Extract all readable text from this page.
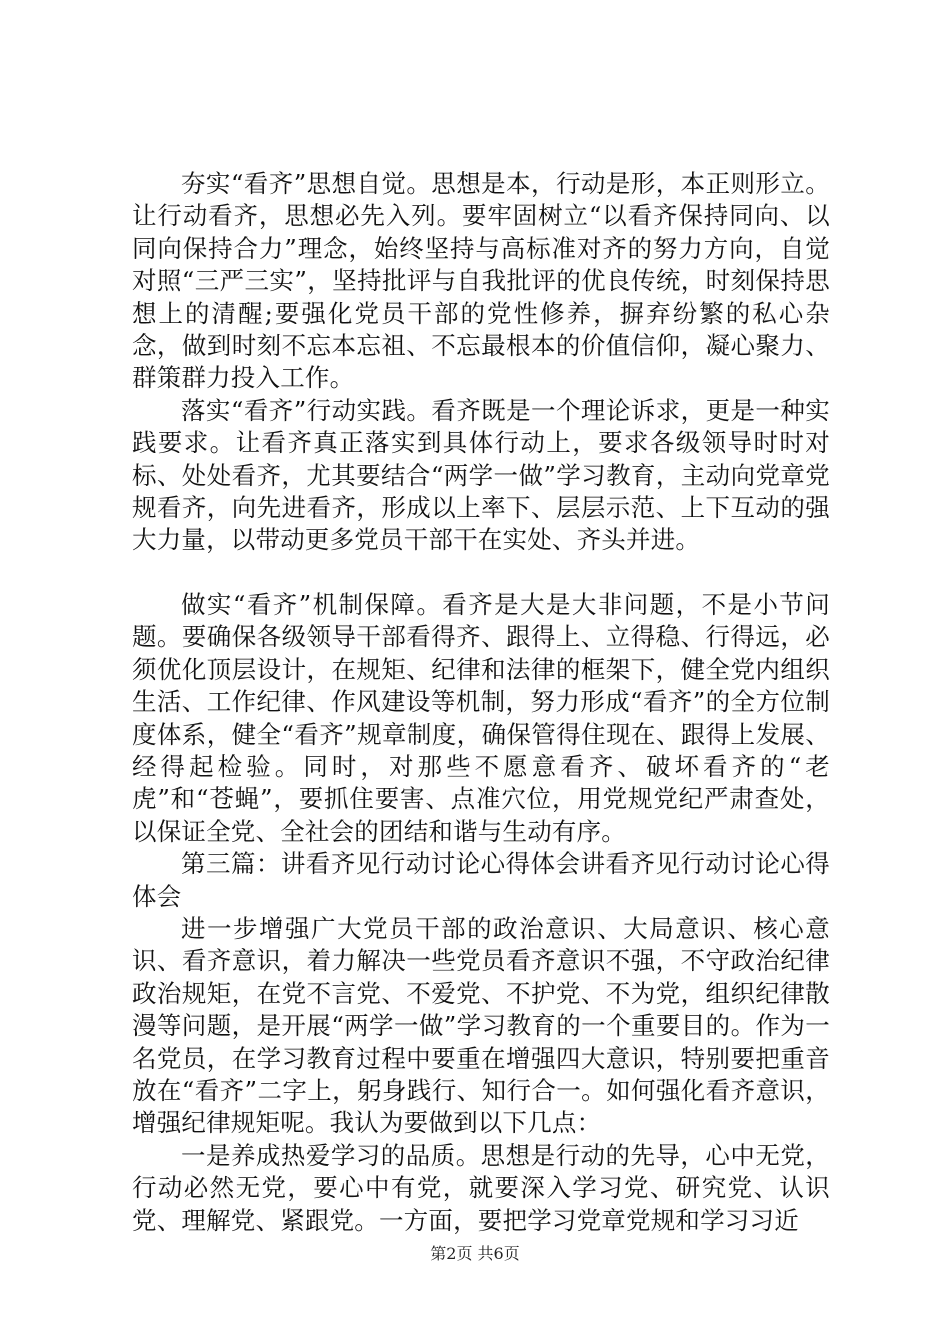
夯实“看齐”思想自觉。思想是本，行动是形，本正则形立。让行动看齐，思想必先入列。要牢固树立“以看齐保持同向、以同向保持合力”理念，始终坚持与高标准对齐的努力方向，自觉对照“三严三实”，坚持批评与自我批评的优良传统，时刻保持思想上的清醒;要强化党员干部的党性修养，摒弃纷繁的私心杂念，做到时刻不忘本忘祖、不忘最根本的价值信仰，凝心聚力、群策群力投入工作。

落实“看齐”行动实践。看齐既是一个理论诉求，更是一种实践要求。让看齐真正落实到具体行动上，要求各级领导时时对标、处处看齐，尤其要结合“两学一做”学习教育，主动向党章党规看齐，向先进看齐，形成以上率下、层层示范、上下互动的强大力量，以带动更多党员干部干在实处、齐头并进。

做实“看齐”机制保障。看齐是大是大非问题，不是小节问题。要确保各级领导干部看得齐、跟得上、立得稳、行得远，必须优化顶层设计，在规矩、纪律和法律的框架下，健全党内组织生活、工作纪律、作风建设等机制，努力形成“看齐”的全方位制度体系，健全“看齐”规章制度，确保管得住现在、跟得上发展、经得起检验。同时，对那些不愿意看齐、破坏看齐的“老虎”和“苍蝇”，要抓住要害、点准穴位，用党规党纪严肃查处，以保证全党、全社会的团结和谐与生动有序。

第三篇：讲看齐见行动讨论心得体会讲看齐见行动讨论心得体会

进一步增强广大党员干部的政治意识、大局意识、核心意识、看齐意识，着力解决一些党员看齐意识不强，不守政治纪律政治规矩，在党不言党、不爱党、不护党、不为党，组织纪律散漫等问题，是开展“两学一做”学习教育的一个重要目的。作为一名党员，在学习教育过程中要重在增强四大意识，特别要把重音放在“看齐”二字上，躬身践行、知行合一。如何强化看齐意识，增强纪律规矩呢。我认为要做到以下几点：

一是养成热爱学习的品质。思想是行动的先导，心中无党，行动必然无党，要心中有党，就要深入学习党、研究党、认识党、理解党、紧跟党。一方面，要把学习党章党规和学习习近

第2页 共6页
